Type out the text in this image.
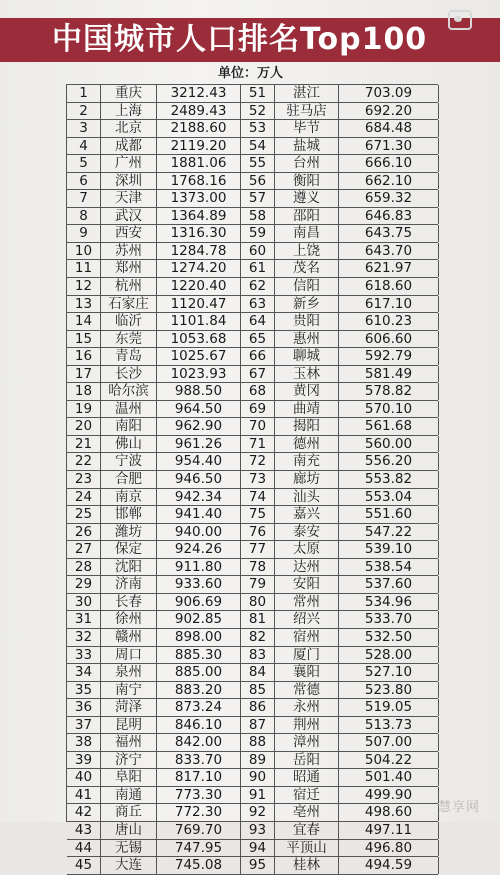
中国城市人口排名Top100
单位：万人
1	重庆	3212.43	51	湛江	703.09
2	上海	2489.43	52	驻马店	692.20
3	北京	2188.60	53	毕节	684.48
4	成都	2119.20	54	盐城	671.30
5	广州	1881.06	55	台州	666.10
6	深圳	1768.16	56	衡阳	662.10
7	天津	1373.00	57	遵义	659.32
8	武汉	1364.89	58	邵阳	646.83
9	西安	1316.30	59	南昌	643.75
10	苏州	1284.78	60	上饶	643.70
11	郑州	1274.20	61	茂名	621.97
12	杭州	1220.40	62	信阳	618.60
13	石家庄	1120.47	63	新乡	617.10
14	临沂	1101.84	64	贵阳	610.23
15	东莞	1053.68	65	惠州	606.60
16	青岛	1025.67	66	聊城	592.79
17	长沙	1023.93	67	玉林	581.49
18	哈尔滨	988.50	68	黄冈	578.82
19	温州	964.50	69	曲靖	570.10
20	南阳	962.90	70	揭阳	561.68
21	佛山	961.26	71	德州	560.00
22	宁波	954.40	72	南充	556.20
23	合肥	946.50	73	廊坊	553.82
24	南京	942.34	74	汕头	553.04
25	邯郸	941.40	75	嘉兴	551.60
26	潍坊	940.00	76	泰安	547.22
27	保定	924.26	77	太原	539.10
28	沈阳	911.80	78	达州	538.54
29	济南	933.60	79	安阳	537.60
30	长春	906.69	80	常州	534.96
31	徐州	902.85	81	绍兴	533.70
32	赣州	898.00	82	宿州	532.50
33	周口	885.30	83	厦门	528.00
34	泉州	885.00	84	襄阳	527.10
35	南宁	883.20	85	常德	523.80
36	菏泽	873.24	86	永州	519.05
37	昆明	846.10	87	荆州	513.73
38	福州	842.00	88	漳州	507.00
39	济宁	833.70	89	岳阳	504.22
40	阜阳	817.10	90	昭通	501.40
41	南通	773.30	91	宿迁	499.90
42	商丘	772.30	92	亳州	498.60
43	唐山	769.70	93	宜春	497.11
44	无锡	747.95	94	平顶山	496.80
45	大连	745.08	95	桂林	494.59
慧享网
